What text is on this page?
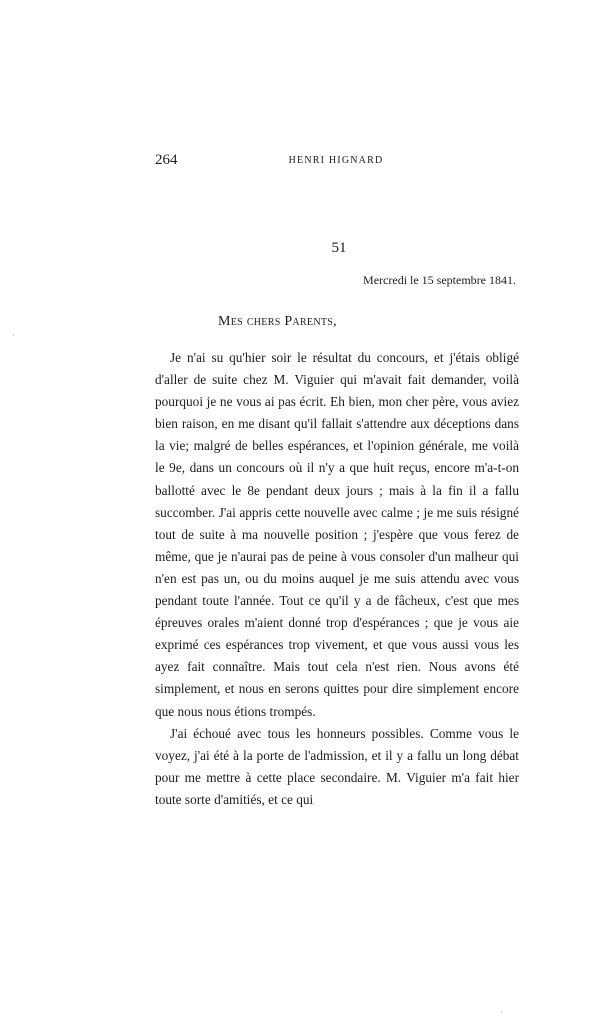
264	HENRI HIGNARD
51
Mercredi le 15 septembre 1841.
Mes chers Parents,

Je n'ai su qu'hier soir le résultat du concours, et j'étais obligé d'aller de suite chez M. Viguier qui m'avait fait demander, voilà pourquoi je ne vous ai pas écrit. Eh bien, mon cher père, vous aviez bien raison, en me disant qu'il fallait s'attendre aux déceptions dans la vie; malgré de belles espérances, et l'opinion générale, me voilà le 9e, dans un concours où il n'y a que huit reçus, encore m'a-t-on ballotté avec le 8e pendant deux jours ; mais à la fin il a fallu succomber. J'ai appris cette nouvelle avec calme ; je me suis résigné tout de suite à ma nouvelle position ; j'espère que vous ferez de même, que je n'aurai pas de peine à vous consoler d'un malheur qui n'en est pas un, ou du moins auquel je me suis attendu avec vous pendant toute l'année. Tout ce qu'il y a de fâcheux, c'est que mes épreuves orales m'aient donné trop d'espérances ; que je vous aie exprimé ces espérances trop vivement, et que vous aussi vous les ayez fait connaître. Mais tout cela n'est rien. Nous avons été simplement, et nous en serons quittes pour dire simplement encore que nous nous étions trompés.

J'ai échoué avec tous les honneurs possibles. Comme vous le voyez, j'ai été à la porte de l'admission, et il y a fallu un long débat pour me mettre à cette place secondaire. M. Viguier m'a fait hier toute sorte d'amitiés, et ce qui

·
´
